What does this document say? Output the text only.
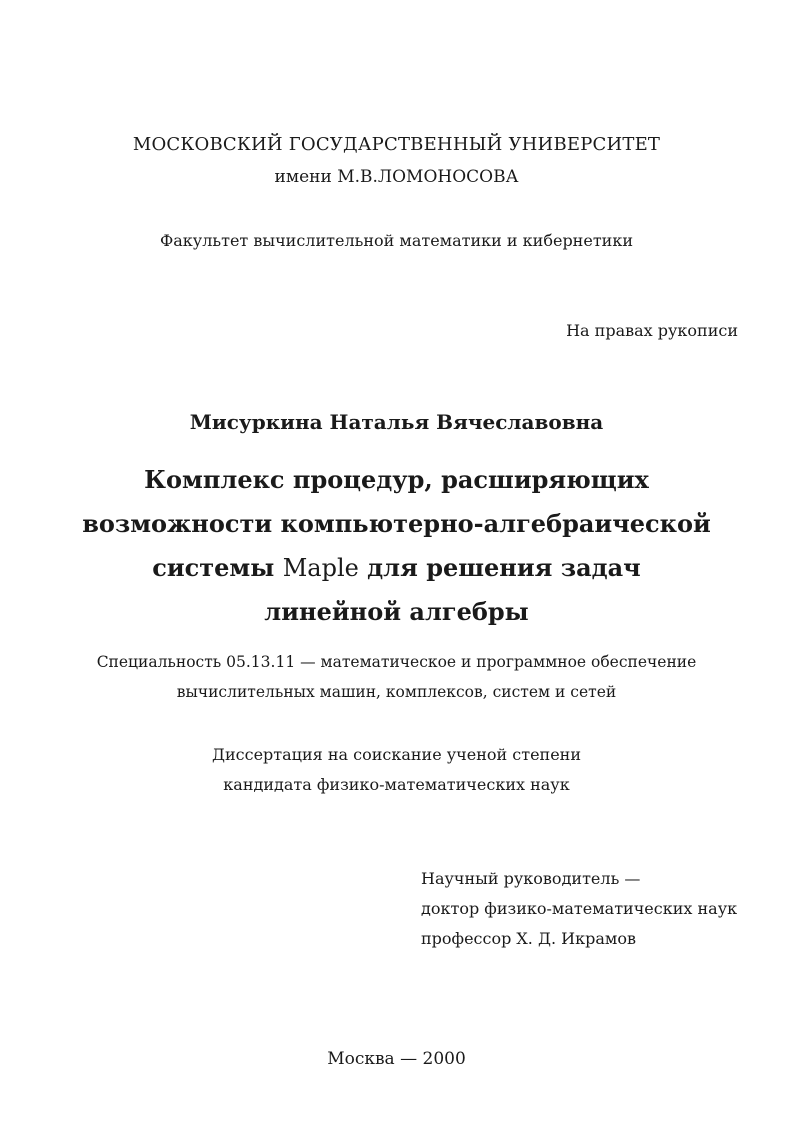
МОСКОВСКИЙ ГОСУДАРСТВЕННЫЙ УНИВЕРСИТЕТ
имени М.В.ЛОМОНОСОВА
Факультет вычислительной математики и кибернетики
На правах рукописи
Мисуркина Наталья Вячеславовна
Комплекс процедур, расширяющих
возможности компьютерно-алгебраической
системы Maple для решения задач
линейной алгебры
Специальность 05.13.11 — математическое и программное обеспечение
вычислительных машин, комплексов, систем и сетей
Диссертация на соискание ученой степени
кандидата физико-математических наук
Научный руководитель —
доктор физико-математических наук
профессор Х. Д. Икрамов
Москва — 2000
